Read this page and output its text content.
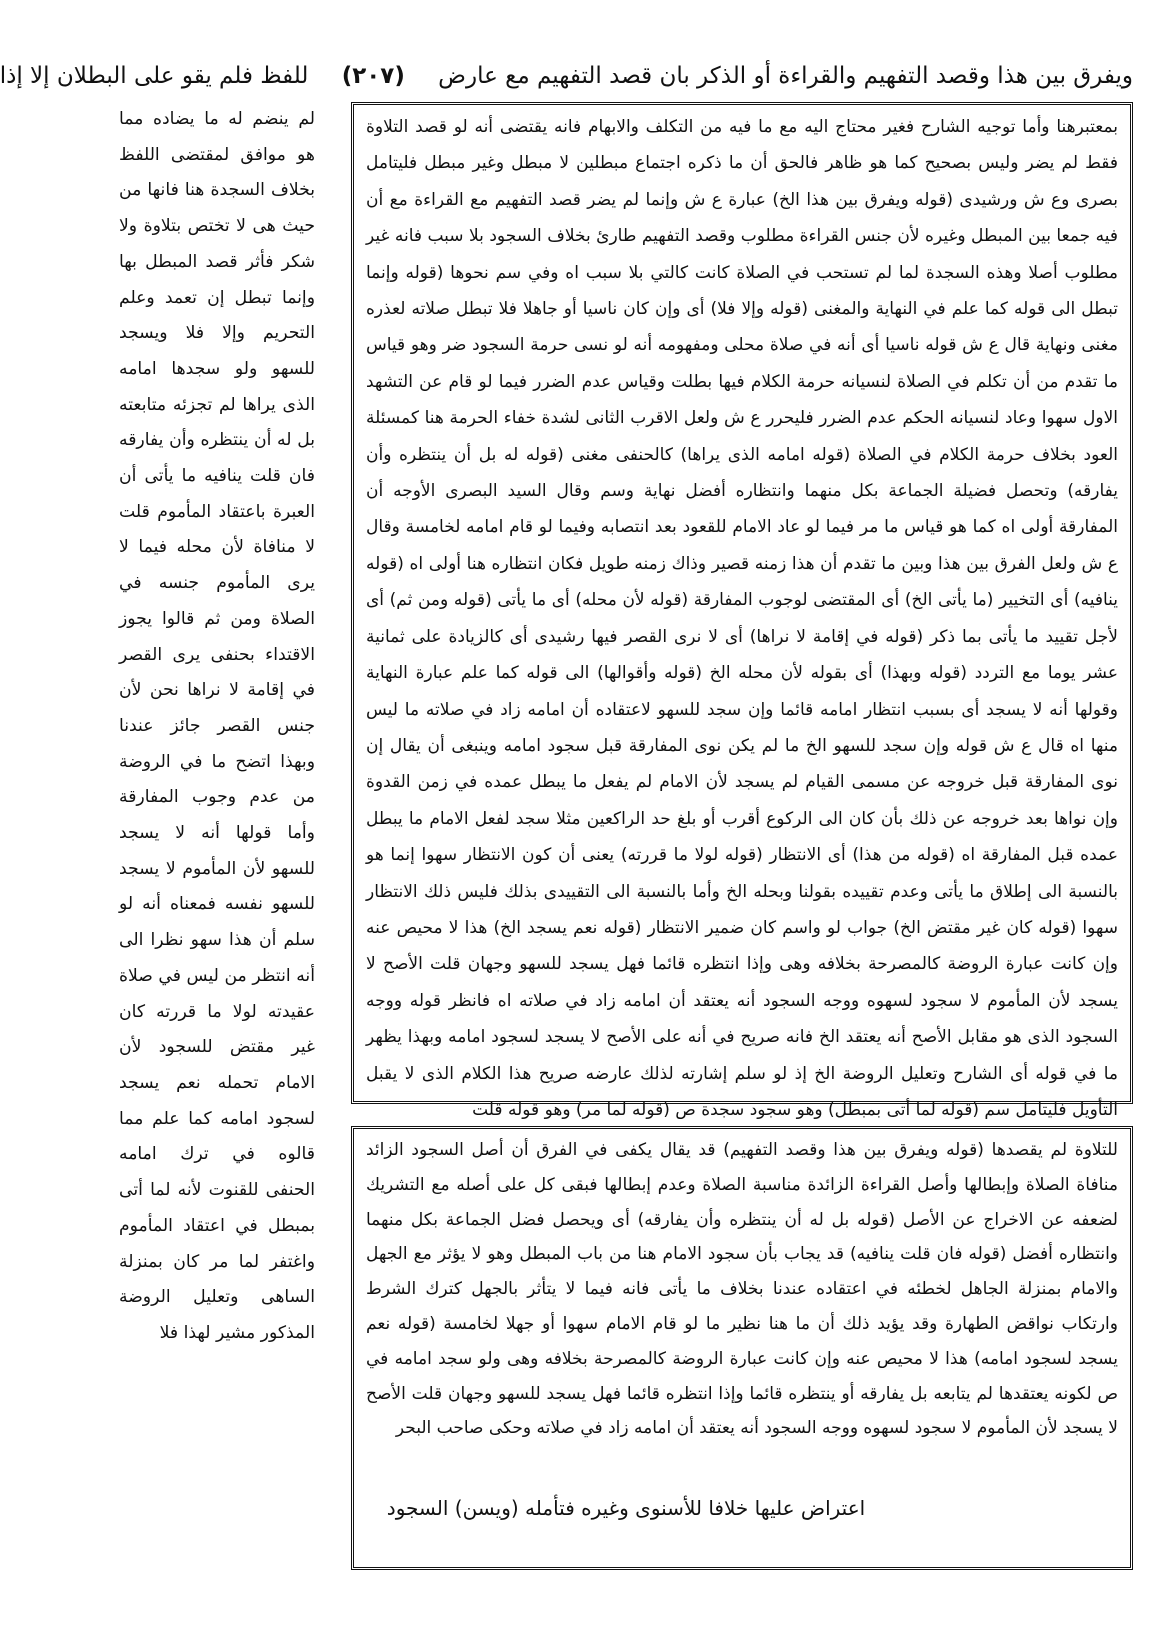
ويفرق بين هذا وقصد التفهيم والقراءة أو الذكر بان قصد التفهيم مع عارض (۲۰۷) للفظ فلم يقو على البطلان إلا إذا

بمعتبرهنا وأما توجيه الشارح فغير محتاج اليه مع ما فيه من التكلف والابهام فانه يقتضى أنه لو قصد التلاوة فقط لم يضر وليس بصحيح كما هو ظاهر فالحق أن ما ذكره اجتماع مبطلين لا مبطل وغير مبطل فليتامل بصرى وع ش ورشيدى (قوله ويفرق بين هذا الخ) عبارة ع ش وإنما لم يضر قصد التفهيم مع القراءة مع أن فيه جمعا بين المبطل وغيره لأن جنس القراءة مطلوب وقصد التفهيم طارئ بخلاف السجود بلا سبب فانه غير مطلوب أصلا وهذه السجدة لما لم تستحب في الصلاة كانت كالتي بلا سبب اه وفي سم نحوها (قوله وإنما تبطل الى قوله كما علم في النهاية والمغنى (قوله وإلا فلا) أى وإن كان ناسيا أو جاهلا فلا تبطل صلاته لعذره مغنى ونهاية قال ع ش قوله ناسيا أى أنه في صلاة محلى ومفهومه أنه لو نسى حرمة السجود ضر وهو قياس ما تقدم من أن تكلم في الصلاة لنسيانه حرمة الكلام فيها بطلت وقياس عدم الضرر فيما لو قام عن التشهد الاول سهوا وعاد لنسيانه الحكم عدم الضرر فليحرر ع ش ولعل الاقرب الثانى لشدة خفاء الحرمة هنا كمسئلة العود بخلاف حرمة الكلام في الصلاة (قوله امامه الذى يراها) كالحنفى مغنى (قوله له بل أن ينتظره وأن يفارقه) وتحصل فضيلة الجماعة بكل منهما وانتظاره أفضل نهاية وسم وقال السيد البصرى الأوجه أن المفارقة أولى اه كما هو قياس ما مر فيما لو عاد الامام للقعود بعد انتصابه وفيما لو قام امامه لخامسة وقال ع ش ولعل الفرق بين هذا وبين ما تقدم أن هذا زمنه قصير وذاك زمنه طويل فكان انتظاره هنا أولى اه (قوله ينافيه) أى التخيير (ما يأتى الخ) أى المقتضى لوجوب المفارقة (قوله لأن محله) أى ما يأتى (قوله ومن ثم) أى لأجل تقييد ما يأتى بما ذكر (قوله في إقامة لا نراها) أى لا نرى القصر فيها رشيدى أى كالزيادة على ثمانية عشر يوما مع التردد (قوله وبهذا) أى بقوله لأن محله الخ (قوله وأقوالها) الى قوله كما علم عبارة النهاية وقولها أنه لا يسجد أى بسبب انتظار امامه قائما وإن سجد للسهو لاعتقاده أن امامه زاد في صلاته ما ليس منها اه قال ع ش قوله وإن سجد للسهو الخ ما لم يكن نوى المفارقة قبل سجود امامه وينبغى أن يقال إن نوى المفارقة قبل خروجه عن مسمى القيام لم يسجد لأن الامام لم يفعل ما يبطل عمده في زمن القدوة وإن نواها بعد خروجه عن ذلك بأن كان الى الركوع أقرب أو بلغ حد الراكعين مثلا سجد لفعل الامام ما يبطل عمده قبل المفارقة اه (قوله من هذا) أى الانتظار (قوله لولا ما قررته) يعنى أن كون الانتظار سهوا إنما هو بالنسبة الى إطلاق ما يأتى وعدم تقييده بقولنا وبحله الخ وأما بالنسبة الى التقييدى بذلك فليس ذلك الانتظار سهوا (قوله كان غير مقتض الخ) جواب لو واسم كان ضمير الانتظار (قوله نعم يسجد الخ) هذا لا محيص عنه وإن كانت عبارة الروضة كالمصرحة بخلافه وهى وإذا انتظره قائما فهل يسجد للسهو وجهان قلت الأصح لا يسجد لأن المأموم لا سجود لسهوه ووجه السجود أنه يعتقد أن امامه زاد في صلاته اه فانظر قوله ووجه السجود الذى هو مقابل الأصح أنه يعتقد الخ فانه صريح في أنه على الأصح لا يسجد لسجود امامه وبهذا يظهر ما في قوله أى الشارح وتعليل الروضة الخ إذ لو سلم إشارته لذلك عارضه صريح هذا الكلام الذى لا يقبل التأويل فليتامل سم (قوله لما أتى بمبطل) وهو سجود سجدة ص (قوله لما مر) وهو قوله قلت

للتلاوة لم يقصدها (قوله ويفرق بين هذا وقصد التفهيم) قد يقال يكفى في الفرق أن أصل السجود الزائد منافاة الصلاة وإبطالها وأصل القراءة الزائدة مناسبة الصلاة وعدم إبطالها فبقى كل على أصله مع التشريك لضعفه عن الاخراج عن الأصل (قوله بل له أن ينتظره وأن يفارقه) أى ويحصل فضل الجماعة بكل منهما وانتظاره أفضل (قوله فان قلت ينافيه) قد يجاب بأن سجود الامام هنا من باب المبطل وهو لا يؤثر مع الجهل والامام بمنزلة الجاهل لخطئه في اعتقاده عندنا بخلاف ما يأتى فانه فيما لا يتأثر بالجهل كترك الشرط وارتكاب نواقض الطهارة وقد يؤيد ذلك أن ما هنا نظير ما لو قام الامام سهوا أو جهلا لخامسة (قوله نعم يسجد لسجود امامه) هذا لا محيص عنه وإن كانت عبارة الروضة كالمصرحة بخلافه وهى ولو سجد امامه في ص لكونه يعتقدها لم يتابعه بل يفارقه أو ينتظره قائما وإذا انتظره قائما فهل يسجد للسهو وجهان قلت الأصح لا يسجد لأن المأموم لا سجود لسهوه ووجه السجود أنه يعتقد أن امامه زاد في صلاته وحكى صاحب البحر

لم ينضم له ما يضاده مما هو موافق لمقتضى اللفظ بخلاف السجدة هنا فانها من حيث هى لا تختص بتلاوة ولا شكر فأثر قصد المبطل بها وإنما تبطل إن تعمد وعلم التحريم وإلا فلا ويسجد للسهو ولو سجدها امامه الذى يراها لم تجزئه متابعته بل له أن ينتظره وأن يفارقه فان قلت ينافيه ما يأتى أن العبرة باعتقاد المأموم قلت لا منافاة لأن محله فيما لا يرى المأموم جنسه في الصلاة ومن ثم قالوا يجوز الاقتداء بحنفى يرى القصر في إقامة لا نراها نحن لأن جنس القصر جائز عندنا وبهذا اتضح ما في الروضة من عدم وجوب المفارقة وأما قولها أنه لا يسجد للسهو لأن المأموم لا يسجد للسهو نفسه فمعناه أنه لو سلم أن هذا سهو نظرا الى أنه انتظر من ليس في صلاة عقيدته لولا ما قررته كان غير مقتض للسجود لأن الامام تحمله نعم يسجد لسجود امامه كما علم مما قالوه في ترك امامه الحنفى للقنوت لأنه لما أتى بمبطل في اعتقاد المأموم واغتفر لما مر كان بمنزلة الساهى وتعليل الروضة المذكور مشير لهذا فلا

اعتراض عليها خلافا للأسنوى وغيره فتأمله (ويسن) السجود
